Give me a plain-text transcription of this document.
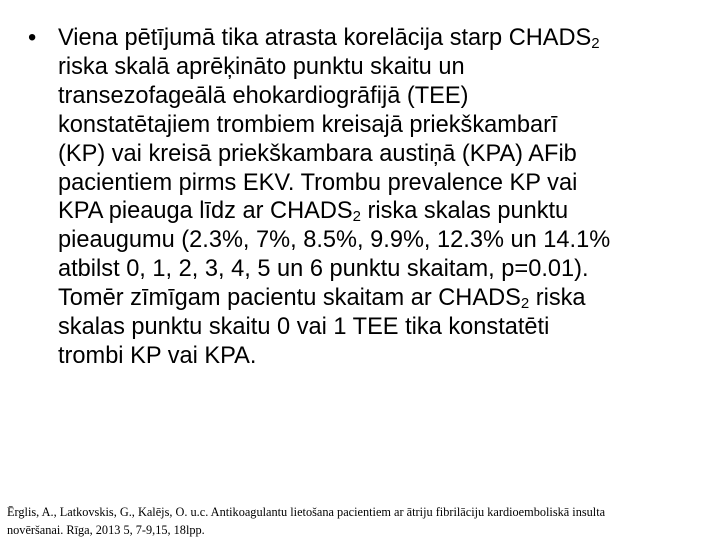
• Viena pētījumā tika atrasta korelācija starp $CHADS_2$
riska skalā aprēķināto punktu skaitu un
transezofageālā ehokardiogrāfijā (TEE)
konstatētajiem trombiem kreisajā priekškambarī
(KP) vai kreisā priekškambara austiņā (KPA) AFib
pacientiem pirms EKV. Trombu prevalence KP vai
KPA pieauga līdz ar $CHADS_2$ riska skalas punktu
pieaugumu (2.3%, 7%, 8.5%, 9.9%, 12.3% un 14.1%
atbilst 0, 1, 2, 3, 4, 5 un 6 punktu skaitam, p=0.01).
Tomēr zīmīgam pacientu skaitam ar $CHADS_2$ riska
skalas punktu skaitu 0 vai 1 TEE tika konstatēti
trombi KP vai KPA.
Ērglis, A., Latkovskis, G., Kalējs, O. u.c. Antikoagulantu lietošana pacientiem ar ātriju fibrilāciju kardioemboliskā insulta
novēršanai. Rīga, 2013 5, 7-9,15, 18lpp.
